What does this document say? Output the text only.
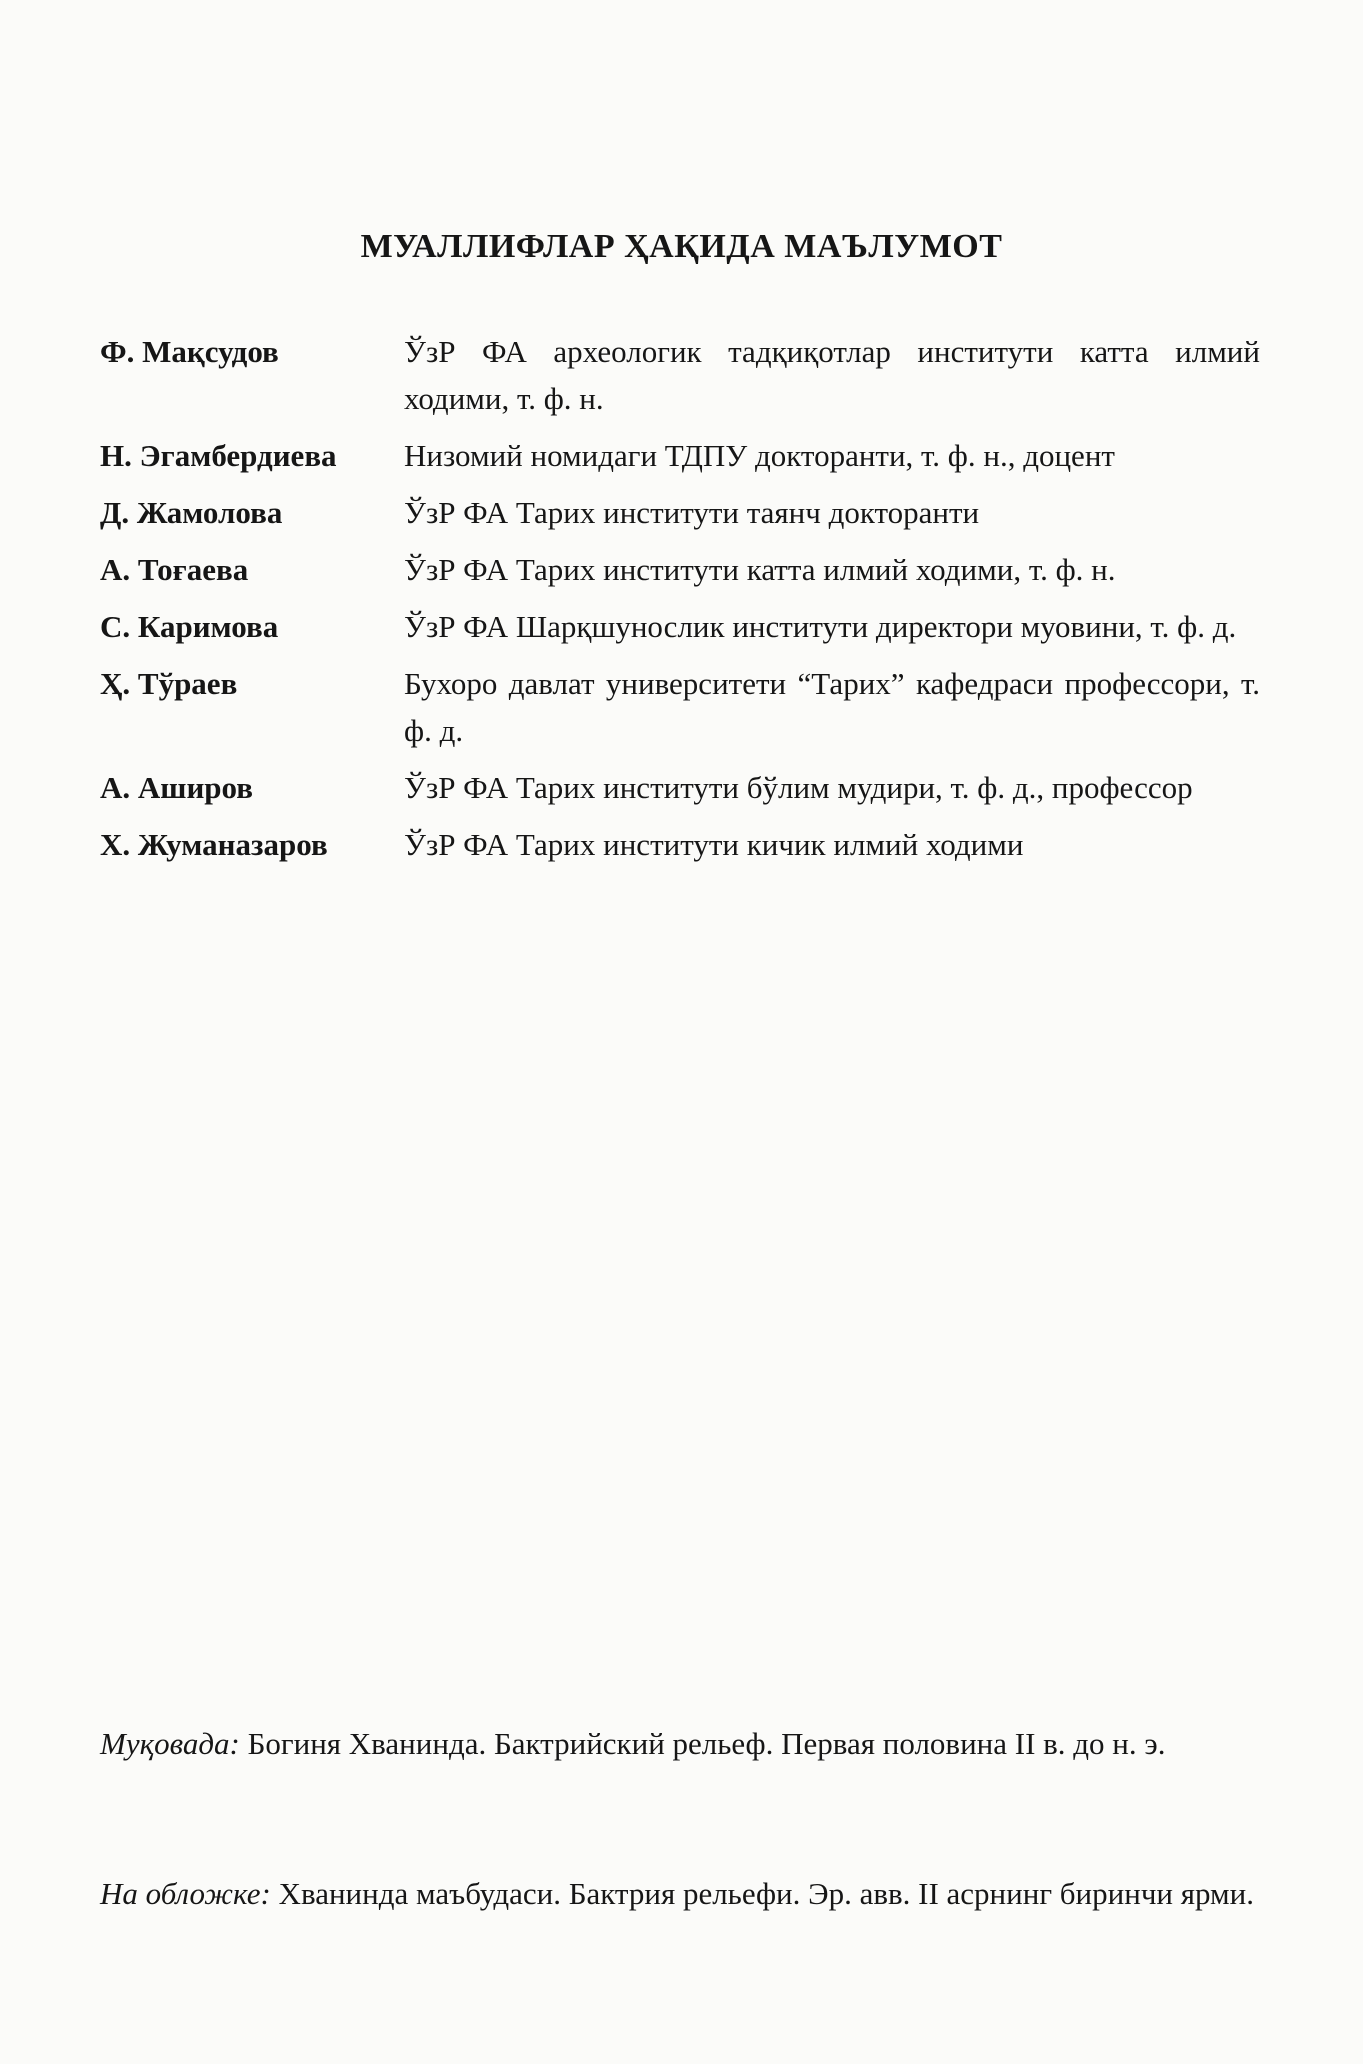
МУАЛЛИФЛАР ҲАҚИДА МАЪЛУМОТ
Ф. Мақсудов	ЎзР ФА археологик тадқиқотлар институти катта илмий ходими, т. ф. н.
Н. Эгамбердиева	Низомий номидаги ТДПУ докторанти, т. ф. н., доцент
Д. Жамолова	ЎзР ФА Тарих институти таянч докторанти
А. Тоғаева	ЎзР ФА Тарих институти катта илмий ходими, т. ф. н.
С. Каримова	ЎзР ФА Шарқшунослик институти директори муовини, т. ф. д.
Ҳ. Тўраев	Бухоро давлат университети “Тарих” кафедраси профессори, т. ф. д.
А. Аширов	ЎзР ФА Тарих институти бўлим мудири, т. ф. д., профессор
Х. Жуманазаров	ЎзР ФА Тарих институти кичик илмий ходими
Муқовада: Богиня Хванинда. Бактрийский рельеф. Первая половина II в. до н. э.
На обложке: Хванинда маъбудаси. Бактрия рельефи. Эр. авв. II асрнинг биринчи ярми.
